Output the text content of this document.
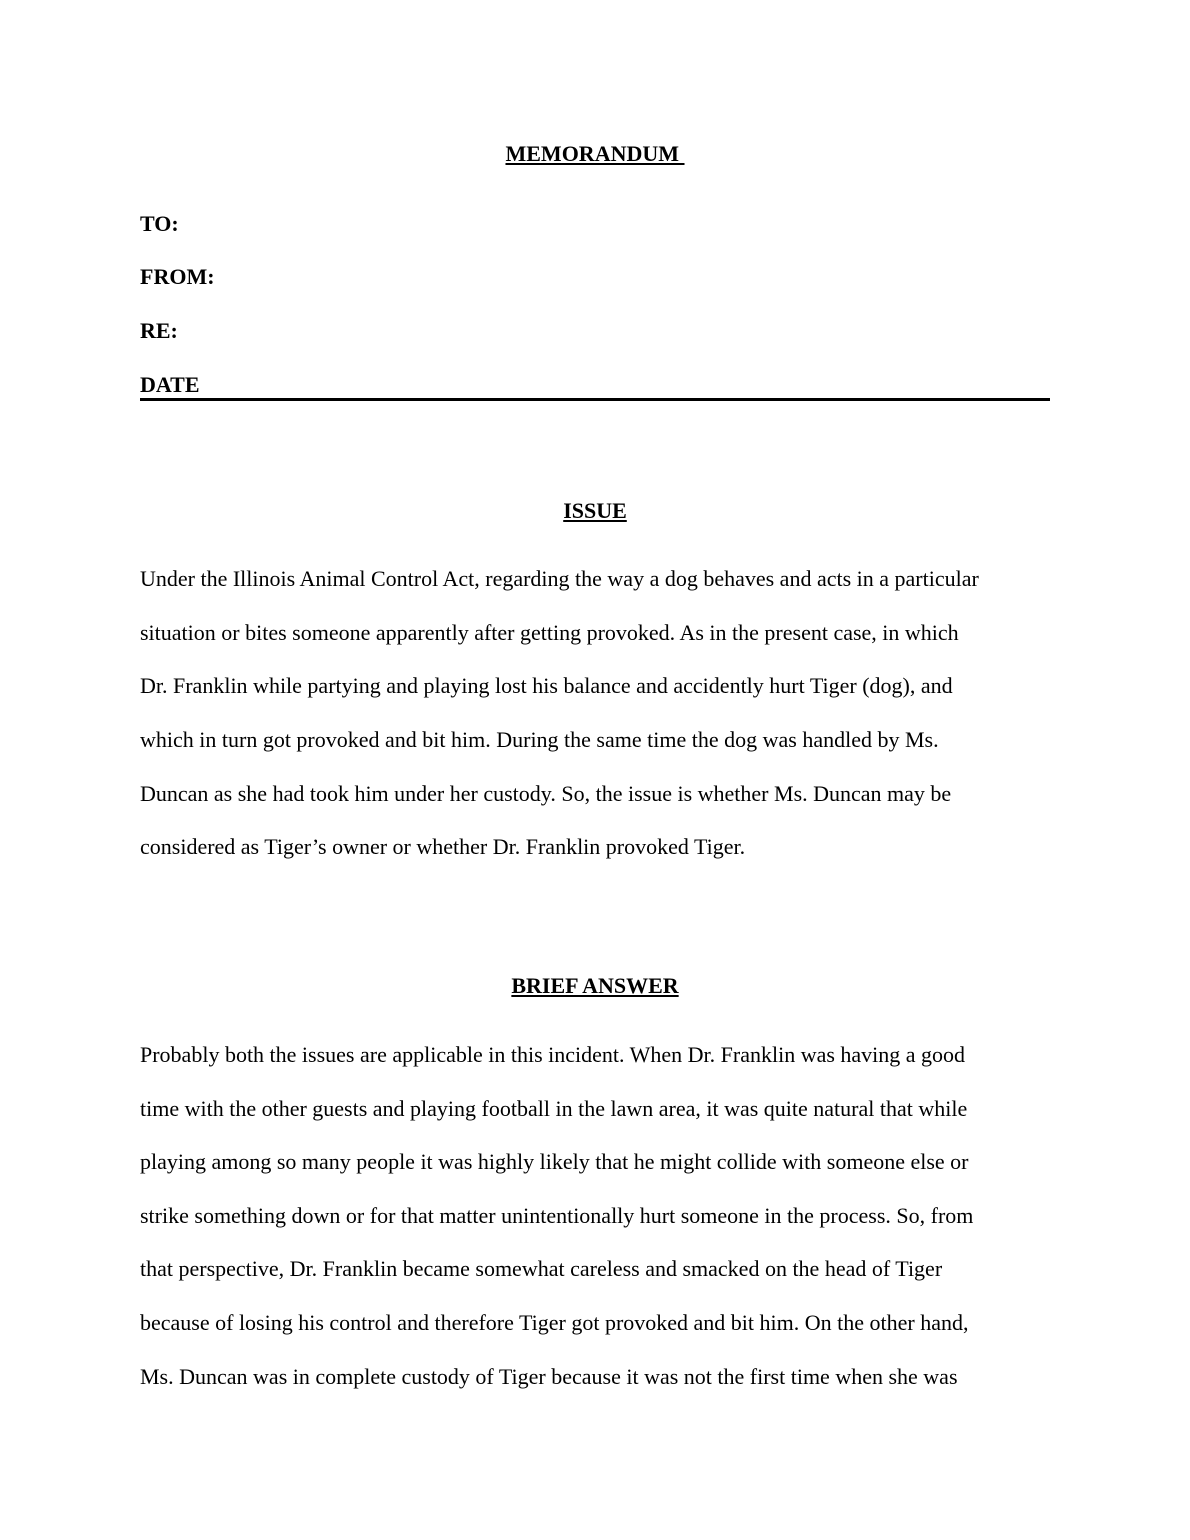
MEMORANDUM
TO:
FROM:
RE:
DATE
ISSUE
Under the Illinois Animal Control Act, regarding the way a dog behaves and acts in a particular
situation or bites someone apparently after getting provoked. As in the present case, in which
Dr. Franklin while partying and playing lost his balance and accidently hurt Tiger (dog), and
which in turn got provoked and bit him. During the same time the dog was handled by Ms.
Duncan as she had took him under her custody. So, the issue is whether Ms. Duncan may be
considered as Tiger’s owner or whether Dr. Franklin provoked Tiger.
BRIEF ANSWER
Probably both the issues are applicable in this incident. When Dr. Franklin was having a good
time with the other guests and playing football in the lawn area, it was quite natural that while
playing among so many people it was highly likely that he might collide with someone else or
strike something down or for that matter unintentionally hurt someone in the process. So, from
that perspective, Dr. Franklin became somewhat careless and smacked on the head of Tiger
because of losing his control and therefore Tiger got provoked and bit him. On the other hand,
Ms. Duncan was in complete custody of Tiger because it was not the first time when she was
